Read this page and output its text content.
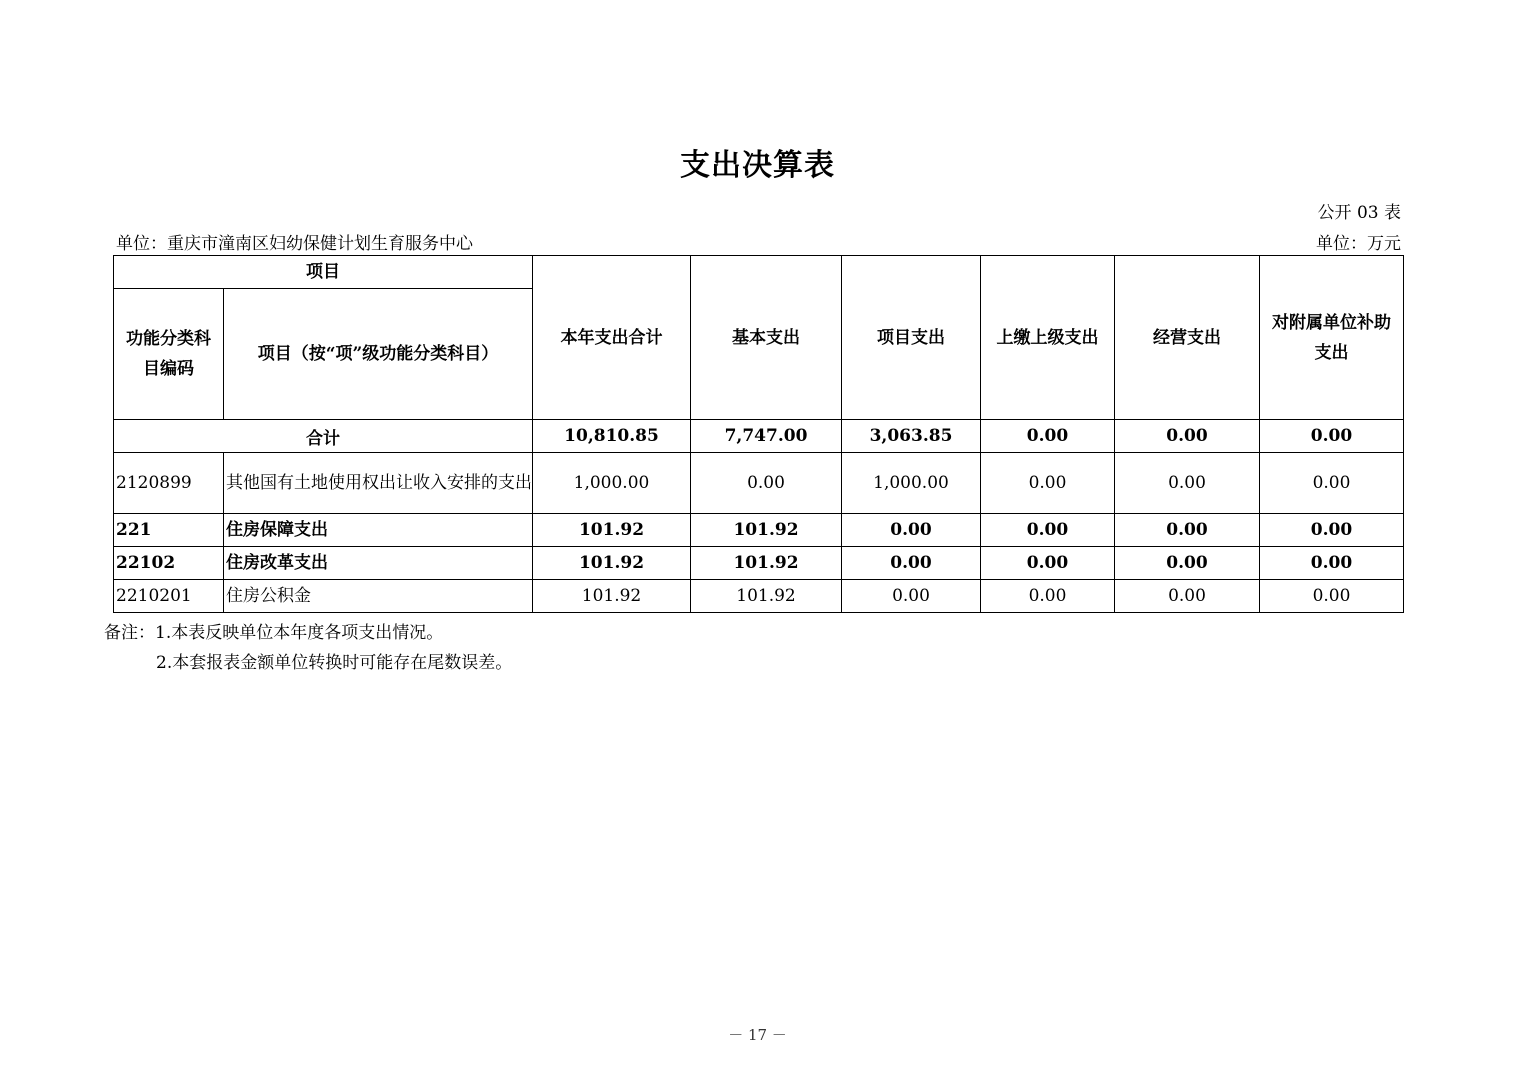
支出决算表
公开 03 表
单位：重庆市潼南区妇幼保健计划生育服务中心	单位：万元
项目		本年支出合计	基本支出	项目支出	上缴上级支出	经营支出	对附属单位补助支出
功能分类科目编码	项目（按“项”级功能分类科目）						
合计		10,810.85	7,747.00	3,063.85	0.00	0.00	0.00
2120899	其他国有土地使用权出让收入安排的支出	1,000.00	0.00	1,000.00	0.00	0.00	0.00
221	住房保障支出	101.92	101.92	0.00	0.00	0.00	0.00
22102	住房改革支出	101.92	101.92	0.00	0.00	0.00	0.00
2210201	住房公积金	101.92	101.92	0.00	0.00	0.00	0.00
备注：1.本表反映单位本年度各项支出情况。
2.本套报表金额单位转换时可能存在尾数误差。
－ 17 －
